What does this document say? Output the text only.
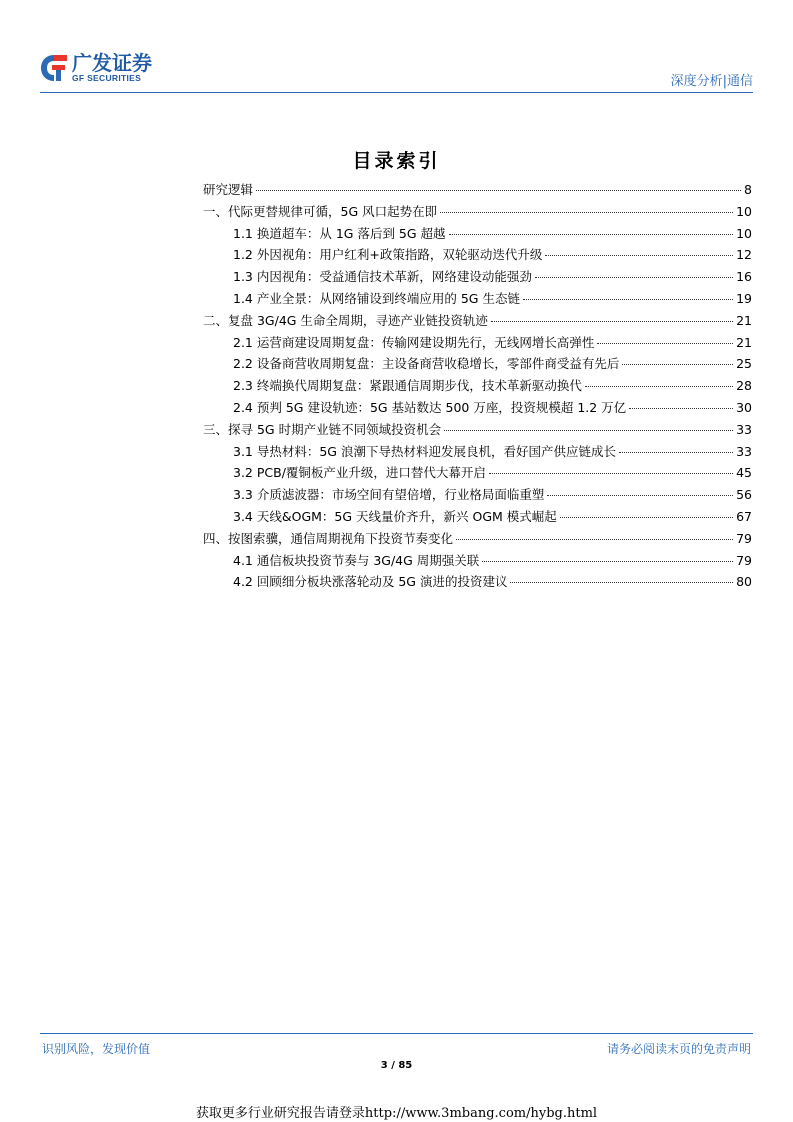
广发证券
GF SECURITIES	深度分析|通信
目录索引
研究逻辑	8
一、代际更替规律可循，5G 风口起势在即	10
1.1 换道超车：从 1G 落后到 5G 超越	10
1.2 外因视角：用户红利+政策指路，双轮驱动迭代升级	12
1.3 内因视角：受益通信技术革新，网络建设动能强劲	16
1.4 产业全景：从网络铺设到终端应用的 5G 生态链	19
二、复盘 3G/4G 生命全周期，寻迹产业链投资轨迹	21
2.1 运营商建设周期复盘：传输网建设期先行，无线网增长高弹性	21
2.2 设备商营收周期复盘：主设备商营收稳增长，零部件商受益有先后	25
2.3 终端换代周期复盘：紧跟通信周期步伐，技术革新驱动换代	28
2.4 预判 5G 建设轨迹：5G 基站数达 500 万座，投资规模超 1.2 万亿	30
三、探寻 5G 时期产业链不同领域投资机会	33
3.1 导热材料：5G 浪潮下导热材料迎发展良机，看好国产供应链成长	33
3.2 PCB/覆铜板产业升级，进口替代大幕开启	45
3.3 介质滤波器：市场空间有望倍增，行业格局面临重塑	56
3.4 天线&OGM：5G 天线量价齐升，新兴 OGM 模式崛起	67
四、按图索骥，通信周期视角下投资节奏变化	79
4.1 通信板块投资节奏与 3G/4G 周期强关联	79
4.2 回顾细分板块涨落轮动及 5G 演进的投资建议	80
识别风险，发现价值	请务必阅读末页的免责声明
3 / 85
获取更多行业研究报告请登录http://www.3mbang.com/hybg.html
